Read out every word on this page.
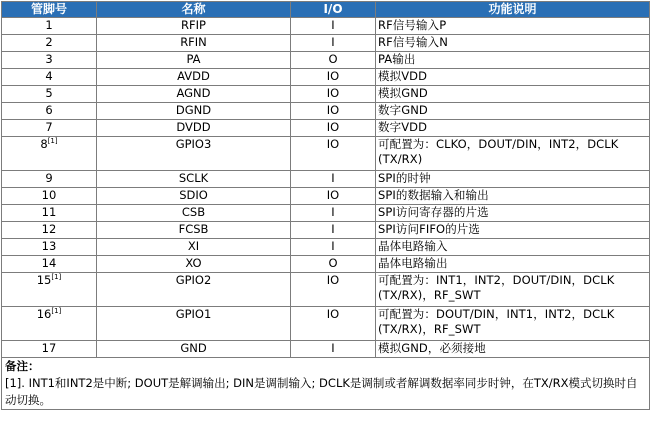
管脚号	名称	I/O	功能说明
1	RFIP	I	RF信号输入P

2	RFIN	I	RF信号输入N

3	PA	O	PA输出

4	AVDD	IO	模拟VDD

5	AGND	IO	模拟GND

6	DGND	IO	数字GND

7	DVDD	IO	数字VDD

8[1]	GPIO3	IO	可配置为：CLKO，DOUT/DIN，INT2，DCLK
(TX/RX)

9	SCLK	I	SPI的时钟

10	SDIO	IO	SPI的数据输入和输出

11	CSB	I	SPI访问寄存器的片选

12	FCSB	I	SPI访问FIFO的片选

13	XI	I	晶体电路输入

14	XO	O	晶体电路输出

15[1]	GPIO2	IO	可配置为：INT1，INT2，DOUT/DIN，DCLK
(TX/RX)，RF_SWT

16[1]	GPIO1	IO	可配置为：DOUT/DIN，INT1，INT2，DCLK
(TX/RX)，RF_SWT

17	GND	I	模拟GND，必须接地

备注：
[1]. INT1和INT2是中断; DOUT是解调输出; DIN是调制输入; DCLK是调制或者解调数据率同步时钟，在TX/RX模式切换时自动切换。			
